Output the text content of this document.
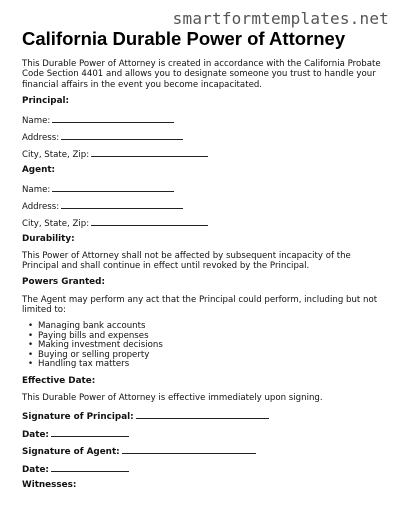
smartformtemplates.net
California Durable Power of Attorney
This Durable Power of Attorney is created in accordance with the California Probate Code Section 4401 and allows you to designate someone you trust to handle your financial affairs in the event you become incapacitated.
Principal:
Name:
Address:
City, State, Zip:
Agent:
Name:
Address:
City, State, Zip:
Durability:
This Power of Attorney shall not be affected by subsequent incapacity of the Principal and shall continue in effect until revoked by the Principal.
Powers Granted:
The Agent may perform any act that the Principal could perform, including but not limited to:
• Managing bank accounts
• Paying bills and expenses
• Making investment decisions
• Buying or selling property
• Handling tax matters
Effective Date:
This Durable Power of Attorney is effective immediately upon signing.
Signature of Principal:
Date:
Signature of Agent:
Date:
Witnesses:
